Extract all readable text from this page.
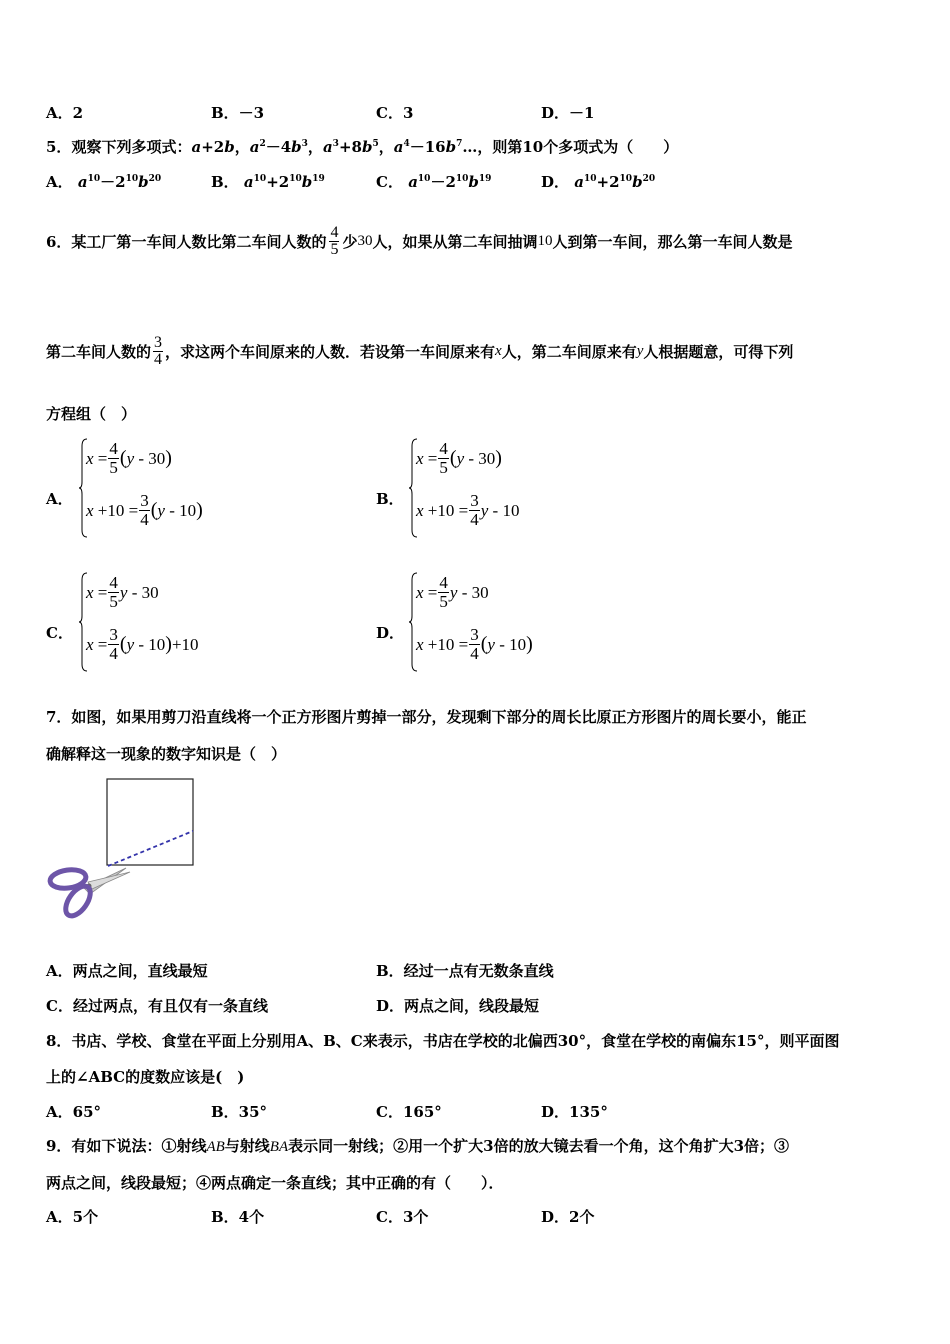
A．2	B．－3	C．3	D．－1
5．观察下列多项式：a+2b，$a^2-4b^3$，$a^3+8b^5$，$a^4-16b^7\dots$，则第10个多项式为（　　）
A． $a^{10}-2^{10}b^{20}$	B． $a^{10}+2^{10}b^{19}$	C． $a^{10}-2^{10}b^{19}$	D． $a^{10}+2^{10}b^{20}$
6．某工厂第一车间人数比第二车间人数的 $\frac{4}{5}$ 少 30 人，如果从第二车间抽调 10 人到第一车间，那么第一车间人数是
第二车间人数的 $\frac{3}{4}$ ，求这两个车间原来的人数．若设第一车间原来有 x 人，第二车间原来有 y 人根据题意，可得下列
方程组（　）
A．	B．
C．	D．
$x = \frac{4}{5}$ ( y - 30 )
$x +10 = \frac{3}{4}$ ( y - 10 )
$x = \frac{4}{5}$ ( y - 30 )
$x +10 = \frac{3}{4}$ y - 10
$x = \frac{4}{5}$ y - 30
$x = \frac{3}{4}$ ( y - 10 ) +10
$x = \frac{4}{5}$ y - 30
$x +10 = \frac{3}{4}$ ( y - 10 )
7．如图，如果用剪刀沿直线将一个正方形图片剪掉一部分，发现剩下部分的周长比原正方形图片的周长要小，能正
确解释这一现象的数字知识是（　）
A．两点之间，直线最短	B．经过一点有无数条直线
C．经过两点，有且仅有一条直线	D．两点之间，线段最短
8．书店、学校、食堂在平面上分别用A、B、C来表示，书店在学校的北偏西30°，食堂在学校的南偏东15°，则平面图
上的∠ABC的度数应该是(　)
A．65°	B．35°	C．165°	D．135°
9．有如下说法：①射线AB与射线BA表示同一射线；②用一个扩大3倍的放大镜去看一个角，这个角扩大3倍；③
两点之间，线段最短；④两点确定一条直线；其中正确的有（　　）．
A．5个	B．4个	C．3个	D．2个
